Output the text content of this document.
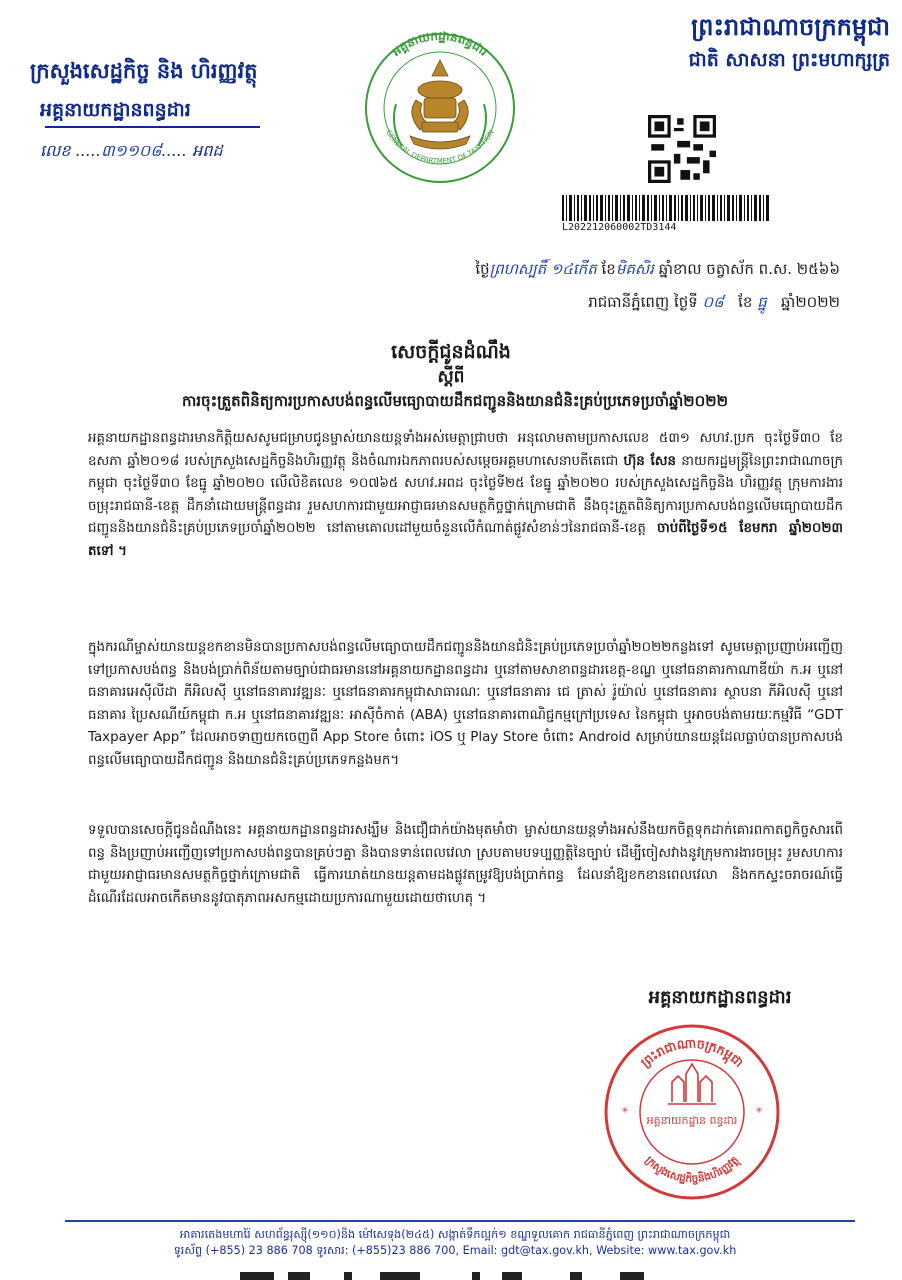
ក្រសួងសេដ្ឋកិច្ច និង ហិរញ្ញវត្ថុ
អគ្គនាយកដ្ឋានពន្ធដារ
លេខ .....៣១១០៨..... អពដ
អគ្គនាយកដ្ឋានពន្ធដារ
GENERAL DEPARTMENT OF TAXATION
ព្រះរាជាណាចក្រកម្ពុជា
ជាតិ សាសនា ព្រះមហាក្សត្រ
L202212060002TD3144
ថ្ងៃព្រហស្បតិ៍ ១៤កើត ខែមិគសិរ ឆ្នាំខាល ចត្វាស័ក ព.ស. ២៥៦៦
រាជធានីភ្នំពេញ ថ្ងៃទី ០៨ ខែ ធ្នូ ឆ្នាំ២០២២
សេចក្ដីជូនដំណឹង
ស្ដីពី
ការចុះត្រួតពិនិត្យការប្រកាសបង់ពន្ធលើមធ្យោបាយដឹកជញ្ជូននិងយានជំនិះគ្រប់ប្រភេទប្រចាំឆ្នាំ២០២២
អគ្គនាយកដ្ឋានពន្ធដារមានកិត្តិយសសូមជម្រាបជូនម្ចាស់យានយន្តទាំងអស់មេត្តាជ្រាបថា អនុលោមតាមប្រកាសលេខ ៥៣១ សហវ.ប្រក ចុះថ្ងៃទី៣០ ខែឧសភា ឆ្នាំ២០១៨ របស់ក្រសួងសេដ្ឋកិច្ចនិងហិរញ្ញវត្ថុ និងចំណារឯកភាពរបស់សម្ដេចអគ្គមហាសេនាបតីតេជោ ហ៊ុន សែន នាយករដ្ឋមន្ត្រីនៃព្រះរាជាណាចក្រកម្ពុជា ចុះថ្ងៃទី៣០ ខែធ្នូ ឆ្នាំ២០២០ លើលិខិតលេខ ១០៧៦៥ សហវ.អពដ ចុះថ្ងៃទី២៥ ខែធ្នូ ឆ្នាំ២០២០ របស់ក្រសួងសេដ្ឋកិច្ចនិង ហិរញ្ញវត្ថុ ក្រុមការងារចម្រុះរាជធានី-ខេត្ត ដឹកនាំដោយមន្ត្រីពន្ធដារ រួមសហការជាមួយអាជ្ញាធរមានសមត្ថកិច្ចថ្នាក់ក្រោមជាតិ នឹងចុះត្រួតពិនិត្យការប្រកាសបង់ពន្ធលើមធ្យោបាយដឹកជញ្ជូននិងយានជំនិះគ្រប់ប្រភេទប្រចាំឆ្នាំ២០២២ នៅតាមគោលដៅមួយចំនួនលើកំណាត់ផ្លូវសំខាន់ៗនៃរាជធានី-ខេត្ត ចាប់ពីថ្ងៃទី១៥ ខែមករា ឆ្នាំ២០២៣ តទៅ ។
ក្នុងករណីម្ចាស់យានយន្តខកខានមិនបានប្រកាសបង់ពន្ធលើមធ្យោបាយដឹកជញ្ជូននិងយានជំនិះគ្រប់ប្រភេទប្រចាំឆ្នាំ២០២២កន្លងទៅ សូមមេត្តាប្រញាប់អញ្ជើញទៅប្រកាសបង់ពន្ធ និងបង់ប្រាក់ពិន័យតាមច្បាប់ជាធរមាននៅអគ្គនាយកដ្ឋានពន្ធដារ ឬនៅតាមសាខាពន្ធដារខេត្ត-ខណ្ឌ ឬនៅធនាគារកាណាឌីយ៉ា ក.អ ឬនៅធនាគារអេស៊ីលីដា ភីអិលស៊ី ឬនៅធនាគារវឌ្ឍនៈ ឬនៅធនាគារកម្ពុជាសាធារណៈ ឬនៅធនាគារ ជេ ត្រាស់ រ៉ូយ៉ាល់ ឬនៅធនាគារ ស្ថាបនា ភីអិលស៊ី ឬនៅធនាគារ ប្រៃសណីយ៍កម្ពុជា ក.អ ឬនៅធនាគារវឌ្ឍនៈ អាស៊ីចំកាត់ (ABA) ឬនៅធនាគារពាណិជ្ជកម្មក្រៅប្រទេស នៃកម្ពុជា ឬអាចបង់តាមរយៈកម្មវិធី “GDT Taxpayer App” ដែលអាចទាញយកចេញពី App Store ចំពោះ iOS ឬ Play Store ចំពោះ Android សម្រាប់យានយន្តដែលធ្លាប់បានប្រកាសបង់ពន្ធលើមធ្យោបាយដឹកជញ្ជូន និងយានជំនិះគ្រប់ប្រភេទកន្លងមក។
ទទួលបានសេចក្ដីជូនដំណឹងនេះ អគ្គនាយកដ្ឋានពន្ធដារសង្ឃឹម និងជឿជាក់យ៉ាងមុតមាំថា ម្ចាស់យានយន្តទាំងអស់នឹងយកចិត្តទុកដាក់គោរពកាតព្វកិច្ចសារពើពន្ធ និងប្រញាប់អញ្ជើញទៅប្រកាសបង់ពន្ធបានគ្រប់ៗគ្នា និងបានទាន់ពេលវេលា ស្របតាមបទប្បញ្ញត្តិនៃច្បាប់ ដើម្បីចៀសវាងនូវក្រុមការងារចម្រុះ រួមសហការជាមួយអាជ្ញាធរមានសមត្ថកិច្ចថ្នាក់ក្រោមជាតិ ធ្វើការឃាត់យានយន្តតាមដងផ្លូវតម្រូវឱ្យបង់ប្រាក់ពន្ធ ដែលនាំឱ្យខកខានពេលវេលា និងកកស្ទះចរាចរណ៍ធ្វើដំណើរដែលអាចកើតមាននូវបាតុភាពអសកម្មដោយប្រការណាមួយដោយថាហេតុ ។
អគ្គនាយកដ្ឋានពន្ធដារ
ព្រះរាជាណាចក្រកម្ពុជា
ក្រសួងសេដ្ឋកិច្ចនិងហិរញ្ញវត្ថុ
អគ្គនាយកដ្ឋាន ពន្ធដារ
*	*
អាគារតេងមហារ៉ៃ សហព័ន្ធរុស្ស៊ី(១១០)និង ម៉ៅសេទុង(២៤៥) សង្កាត់ទឹកល្អក់១ ខណ្ឌទួលគោក រាជធានីភ្នំពេញ ព្រះរាជាណាចក្រកម្ពុជា
ទូរស័ព្ទ (+855) 23 886 708 ទូរសារ: (+855)23 886 700, Email: gdt@tax.gov.kh, Website: www.tax.gov.kh
